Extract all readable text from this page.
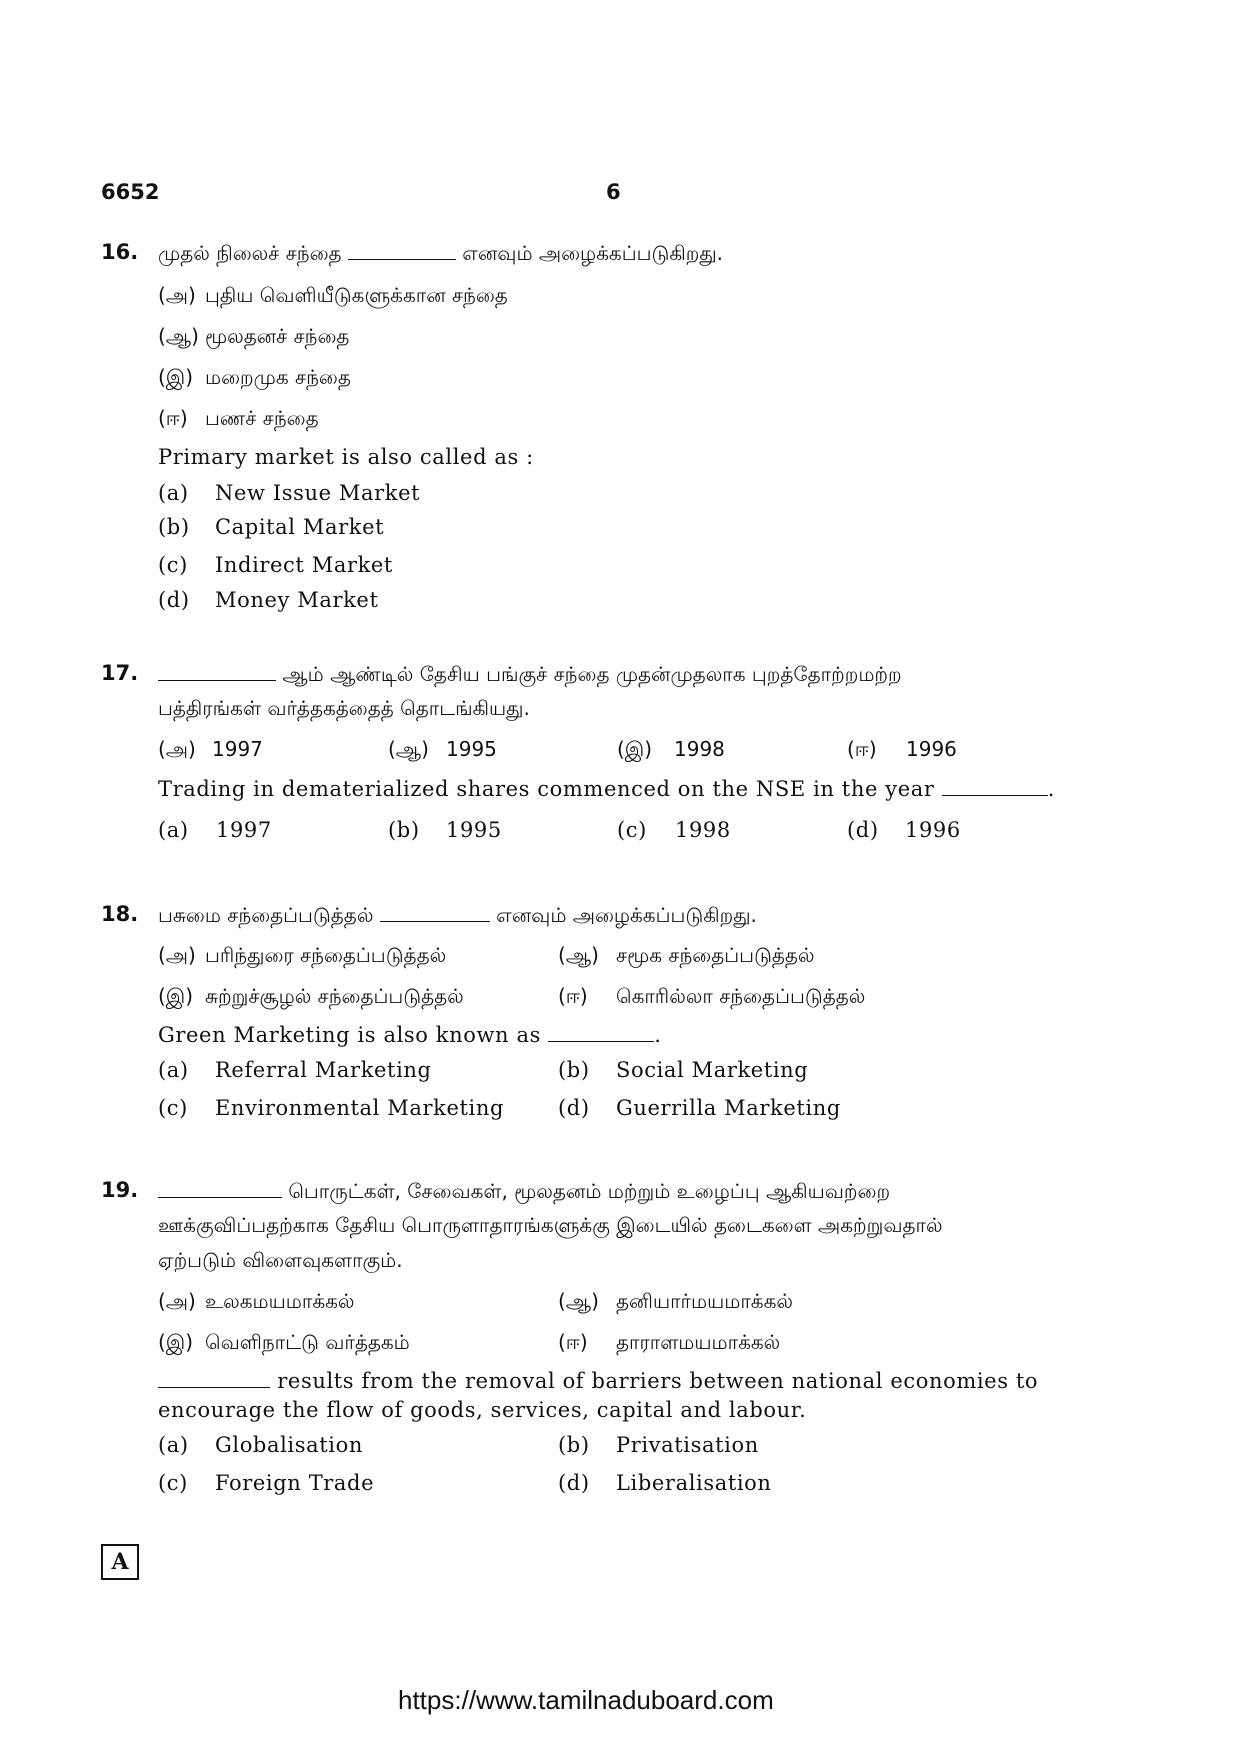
6652	6
16. முதல் நிலைச் சந்தை	எனவும் அழைக்கப்படுகிறது.
(அ) புதிய வெளியீடுகளுக்கான சந்தை
(ஆ) மூலதனச் சந்தை
(இ) மறைமுக சந்தை
(ஈ) பணச் சந்தை
Primary market is also called as :
(a) New Issue Market
(b) Capital Market
(c) Indirect Market
(d) Money Market
17.	ஆம் ஆண்டில் தேசிய பங்குச் சந்தை முதன்முதலாக புறத்தோற்றமற்ற
பத்திரங்கள் வர்த்தகத்தைத் தொடங்கியது.
(அ) 1997	(ஆ) 1995	(இ) 1998	(ஈ) 1996
Trading in dematerialized shares commenced on the NSE in the year	.
(a) 1997	(b) 1995	(c) 1998	(d) 1996
18. பசுமை சந்தைப்படுத்தல்	எனவும் அழைக்கப்படுகிறது.
(அ) பரிந்துரை சந்தைப்படுத்தல்	(ஆ) சமூக சந்தைப்படுத்தல்
(இ) சுற்றுச்சூழல் சந்தைப்படுத்தல்	(ஈ) கொரில்லா சந்தைப்படுத்தல்
Green Marketing is also known as	.
(a) Referral Marketing	(b) Social Marketing
(c) Environmental Marketing	(d) Guerrilla Marketing
19.	பொருட்கள், சேவைகள், மூலதனம் மற்றும் உழைப்பு ஆகியவற்றை
ஊக்குவிப்பதற்காக தேசிய பொருளாதாரங்களுக்கு இடையில் தடைகளை அகற்றுவதால்
ஏற்படும் விளைவுகளாகும்.
(அ) உலகமயமாக்கல்	(ஆ) தனியார்மயமாக்கல்
(இ) வெளிநாட்டு வர்த்தகம்	(ஈ) தாராளமயமாக்கல்
results from the removal of barriers between national economies to
encourage the flow of goods, services, capital and labour.
(a) Globalisation	(b) Privatisation
(c) Foreign Trade	(d) Liberalisation
A
https://www.tamilnaduboard.com
